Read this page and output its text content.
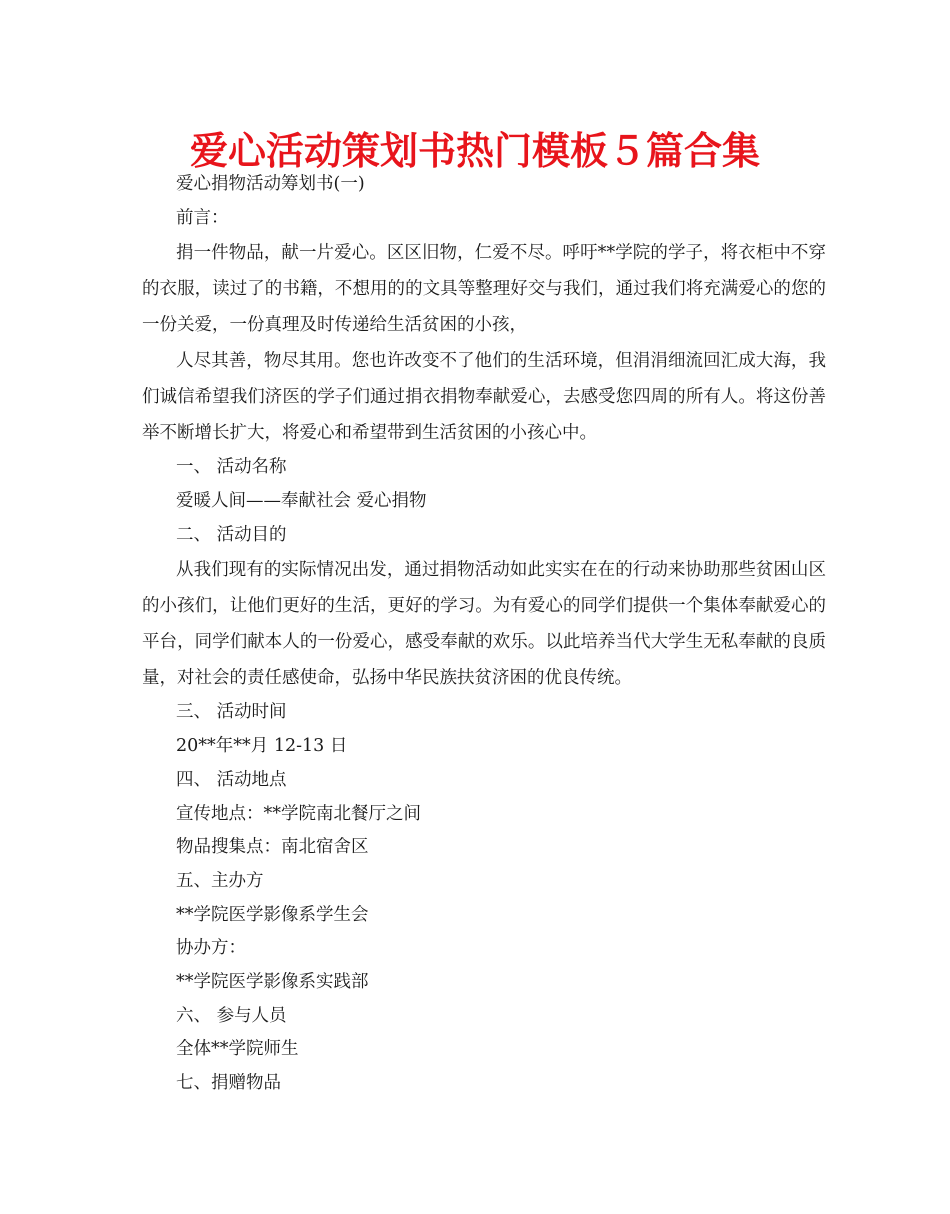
爱心活动策划书热门模板５篇合集

爱心捐物活动筹划书(一)

前言：

捐一件物品，献一片爱心。区区旧物，仁爱不尽。呼吁**学院的学子，将衣柜中不穿的衣服，读过了的书籍，不想用的的文具等整理好交与我们，通过我们将充满爱心的您的一份关爱，一份真理及时传递给生活贫困的小孩，

人尽其善，物尽其用。您也许改变不了他们的生活环境，但涓涓细流回汇成大海，我们诚信希望我们济医的学子们通过捐衣捐物奉献爱心，去感受您四周的所有人。将这份善举不断增长扩大，将爱心和希望带到生活贫困的小孩心中。

一、 活动名称

爱暖人间——奉献社会 爱心捐物

二、 活动目的

从我们现有的实际情况出发，通过捐物活动如此实实在在的行动来协助那些贫困山区的小孩们，让他们更好的生活，更好的学习。为有爱心的同学们提供一个集体奉献爱心的平台，同学们献本人的一份爱心，感受奉献的欢乐。以此培养当代大学生无私奉献的良质量，对社会的责任感使命，弘扬中华民族扶贫济困的优良传统。

三、 活动时间

20**年**月 12-13 日

四、 活动地点

宣传地点：**学院南北餐厅之间

物品搜集点：南北宿舍区

五、主办方

**学院医学影像系学生会

协办方：

**学院医学影像系实践部

六、 参与人员

全体**学院师生

七、捐赠物品
